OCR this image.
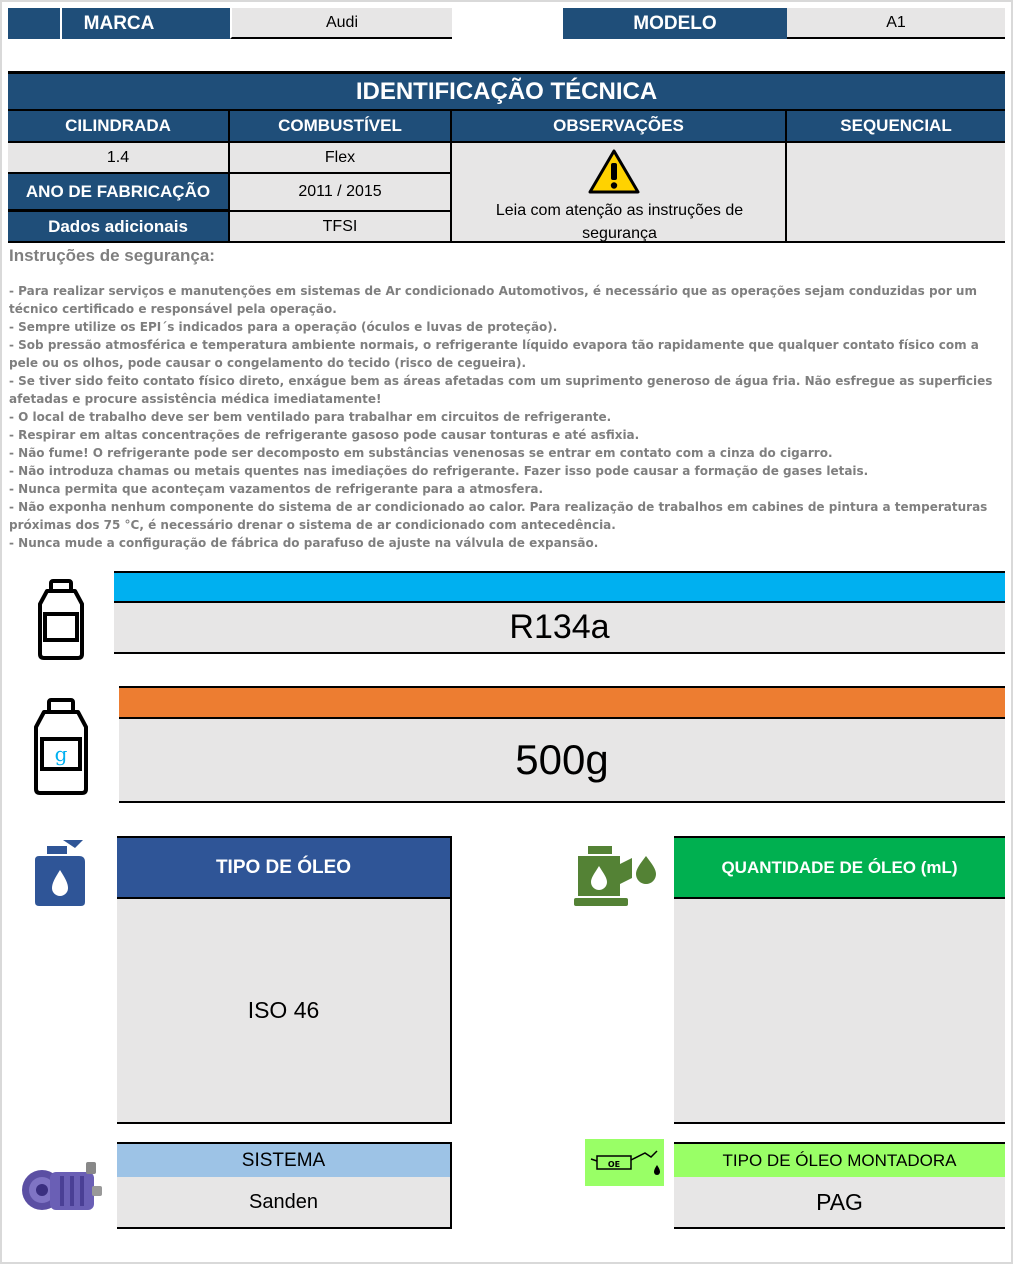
MARCA	Audi	MODELO	A1
IDENTIFICAÇÃO TÉCNICA
CILINDRADA	COMBUSTÍVEL	OBSERVAÇÕES	SEQUENCIAL
1.4	Flex
ANO DE FABRICAÇÃO	2011 / 2015
Dados adicionais	TFSI
Leia com atenção as instruções de segurança
Instruções de segurança:

- Para realizar serviços e manutenções em sistemas de Ar condicionado Automotivos, é necessário que as operações sejam conduzidas por um técnico certificado e responsável pela operação.

- Sempre utilize os EPI´s indicados para a operação (óculos e luvas de proteção).

- Sob pressão atmosférica e temperatura ambiente normais, o refrigerante líquido evapora tão rapidamente que qualquer contato físico com a pele ou os olhos, pode causar o congelamento do tecido (risco de cegueira).

- Se tiver sido feito contato físico direto, enxágue bem as áreas afetadas com um suprimento generoso de água fria. Não esfregue as superficies afetadas e procure assistência médica imediatamente!

- O local de trabalho deve ser bem ventilado para trabalhar em circuitos de refrigerante.

- Respirar em altas concentrações de refrigerante gasoso pode causar tonturas e até asfixia.

- Não fume! O refrigerante pode ser decomposto em substâncias venenosas se entrar em contato com a cinza do cigarro.

- Não introduza chamas ou metais quentes nas imediações do refrigerante. Fazer isso pode causar a formação de gases letais.

- Nunca permita que aconteçam vazamentos de refrigerante para a atmosfera.

- Não exponha nenhum componente do sistema de ar condicionado ao calor. Para realização de trabalhos em cabines de pintura a temperaturas próximas dos 75 °C, é necessário drenar o sistema de ar condicionado com antecedência.

- Nunca mude a configuração de fábrica do parafuso de ajuste na válvula de expansão.

R134a
g	500g
TIPO DE ÓLEO
ISO 46
QUANTIDADE DE ÓLEO (mL)
SISTEMA
Sanden
OE	TIPO DE ÓLEO MONTADORA
PAG
